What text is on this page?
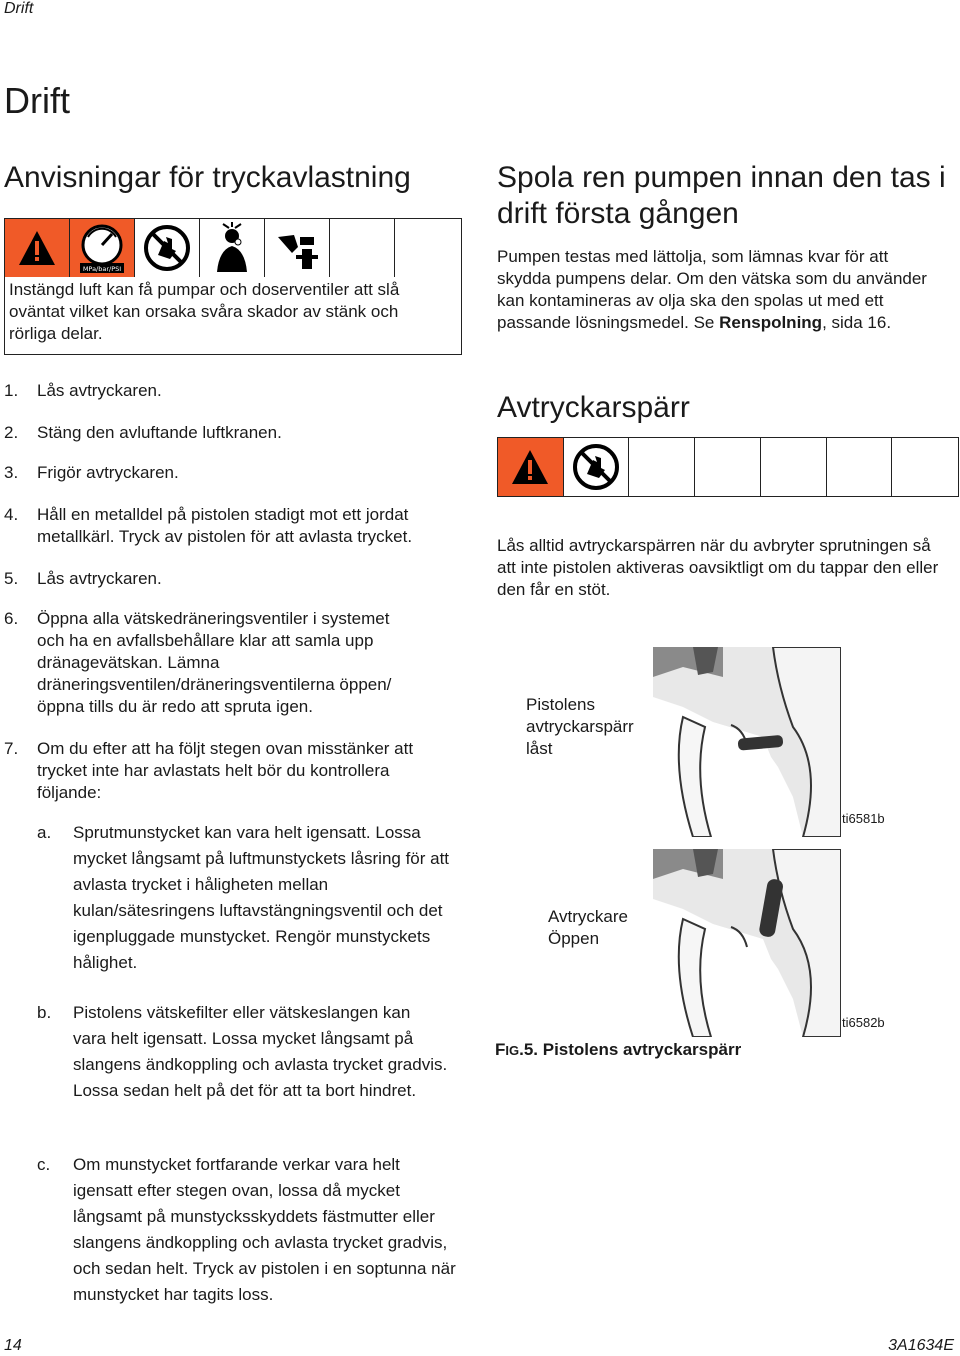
Drift
Drift
Anvisningar för tryckavlastning
MPa/bar/PSI
Instängd luft kan få pumpar och doserventiler att slå oväntat vilket kan orsaka svåra skador av stänk och rörliga delar.
1. Lås avtryckaren.
2. Stäng den avluftande luftkranen.
3. Frigör avtryckaren.
4. Håll en metalldel på pistolen stadigt mot ett jordat metallkärl. Tryck av pistolen för att avlasta trycket.
5. Lås avtryckaren.
6. Öppna alla vätskedräneringsventiler i systemet och ha en avfallsbehållare klar att samla upp dränagevätskan. Lämna dräneringsventilen/dräneringsventilerna öppen/öppna tills du är redo att spruta igen.
7. Om du efter att ha följt stegen ovan misstänker att trycket inte har avlastats helt bör du kontrollera följande:
a. Sprutmunstycket kan vara helt igensatt. Lossa mycket långsamt på luftmunstyckets låsring för att avlasta trycket i håligheten mellan kulan/sätesringens luftavstängningsventil och det igenpluggade munstycket. Rengör munstyckets hålighet.
b. Pistolens vätskefilter eller vätskeslangen kan vara helt igensatt. Lossa mycket långsamt på slangens ändkoppling och avlasta trycket gradvis. Lossa sedan helt på det för att ta bort hindret.
c. Om munstycket fortfarande verkar vara helt igensatt efter stegen ovan, lossa då mycket långsamt på munstycksskyddets fästmutter eller slangens ändkoppling och avlasta trycket gradvis, och sedan helt. Tryck av pistolen i en soptunna när munstycket har tagits loss.
Spola ren pumpen innan den tas i drift första gången
Pumpen testas med lättolja, som lämnas kvar för att skydda pumpens delar. Om den vätska som du använder kan kontamineras av olja ska den spolas ut med ett passande lösningsmedel. Se Renspolning, sida 16.
Avtryckarspärr
Lås alltid avtryckarspärren när du avbryter sprutningen så att inte pistolen aktiveras oavsiktligt om du tappar den eller den får en stöt.
Pistolens avtryckarspärr låst
ti6581b
Avtryckare Öppen
ti6582b
FIG.5. Pistolens avtryckarspärr
14	3A1634E
